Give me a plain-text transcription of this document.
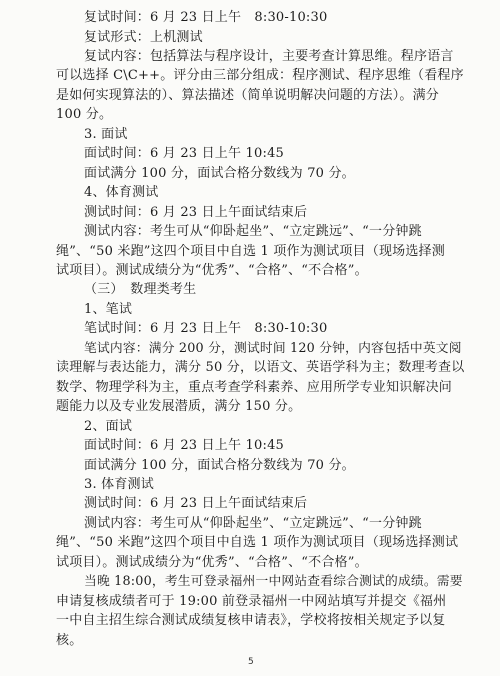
复试时间：6 月 23 日上午　8:30-10:30
复试形式：上机测试
复试内容：包括算法与程序设计，主要考查计算思维。程序语言
可以选择 C\C++。评分由三部分组成：程序测试、程序思维（看程序
是如何实现算法的）、算法描述（简单说明解决问题的方法）。满分
100 分。
3. 面试
面试时间：6 月 23 日上午 10:45
面试满分 100 分，面试合格分数线为 70 分。
4、体育测试
测试时间：6 月 23 日上午面试结束后
测试内容：考生可从“仰卧起坐”、“立定跳远”、“一分钟跳
绳”、“50 米跑”这四个项目中自选 1 项作为测试项目（现场选择测
试项目）。测试成绩分为“优秀”、“合格”、“不合格”。
（三）　数理类考生
1、笔试
笔试时间：6 月 23 日上午　8:30-10:30
笔试内容：满分 200 分，测试时间 120 分钟，内容包括中英文阅
读理解与表达能力，满分 50 分，以语文、英语学科为主；数理考查以
数学、物理学科为主，重点考查学科素养、应用所学专业知识解决问
题能力以及专业发展潜质，满分 150 分。
2、面试
面试时间：6 月 23 日上午 10:45
面试满分 100 分，面试合格分数线为 70 分。
3. 体育测试
测试时间：6 月 23 日上午面试结束后
测试内容：考生可从“仰卧起坐”、“立定跳远”、“一分钟跳
绳”、“50 米跑”这四个项目中自选 1 项作为测试项目（现场选择测试
试项目）。测试成绩分为“优秀”、“合格”、“不合格”。
当晚 18:00，考生可登录福州一中网站查看综合测试的成绩。需要
申请复核成绩者可于 19:00 前登录福州一中网站填写并提交《福州
一中自主招生综合测试成绩复核申请表》，学校将按相关规定予以复
核。
5
